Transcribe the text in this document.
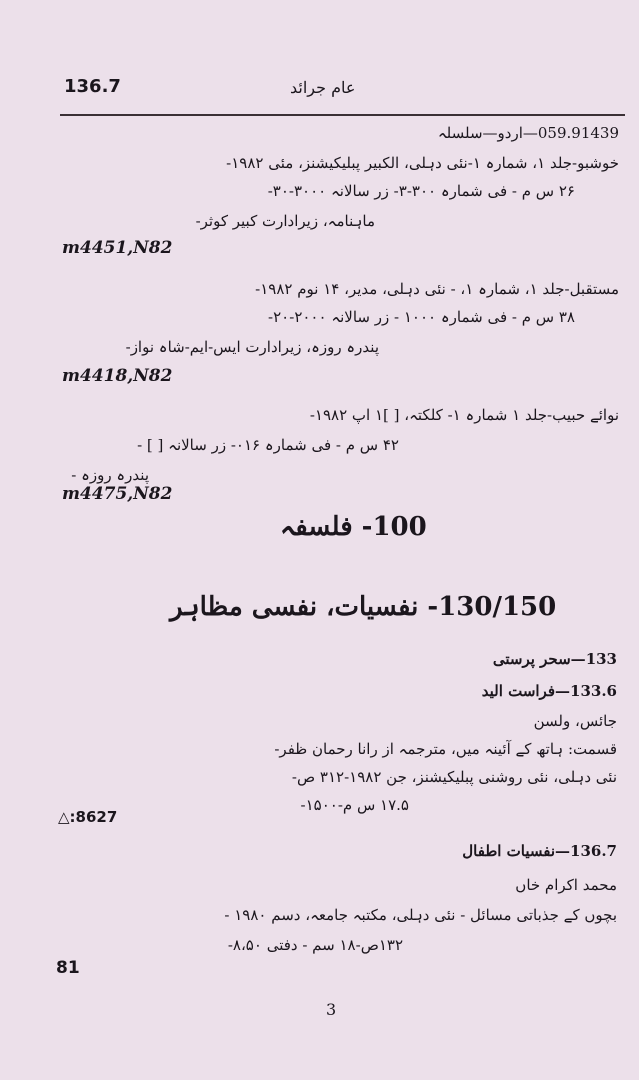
136.7	عام جرائد
059.91439—اردو—سلسلہ
خوشبو-جلد ۱، شمارہ ۱-نئی دہلی، الکبیر پبلیکیشنز، مئی ۱۹۸۲-
۲۶ س م - فی شمارہ ۳۰۰-۳- زر سالانہ ۳۰۰۰-۳۰-
ماہنامہ، زیرادارت کبیر کوثر-
m4451,N82
مستقبل-جلد ۱، شمارہ ۱، - نئی دہلی، مدیر، ۱۴ نوم ۱۹۸۲-
۳۸ س م - فی شمارہ ۱۰۰۰ - زر سالانہ ۲۰۰۰-۲۰-
پندرہ روزہ، زیرادارت ایس-ایم-شاہ نواز-
m4418,N82
نوائے حبیب-جلد ۱ شمارہ ۱- کلکتہ، [ ]۱ اپ ۱۹۸۲-
۴۲ س م - فی شمارہ ۰۱۶- زر سالانہ [ ] -
پندرہ روزہ -
m4475,N82
100- فلسفہ
130/150- نفسیات، نفسی مظاہر
133—سحر پرستی
133.6—فراست الید
جائس، ولسن
قسمت: ہاتھ کے آئینہ میں، مترجمہ از رانا رحمان ظفر-
نئی دہلی، نئی روشنی پبلیکیشنز، جن ۱۹۸۲-۳۱۲ ص-
۱۷.۵ س م-۱۵۰۰-
△:8627
136.7—نفسیات اطفال
محمد اکرام خاں
بچوں کے جذباتی مسائل - نئی دہلی، مکتبہ جامعہ، دسم ۱۹۸۰ -
۱۳۲ص-۱۸ سم - دفتی ۸،۵۰-
81
3
